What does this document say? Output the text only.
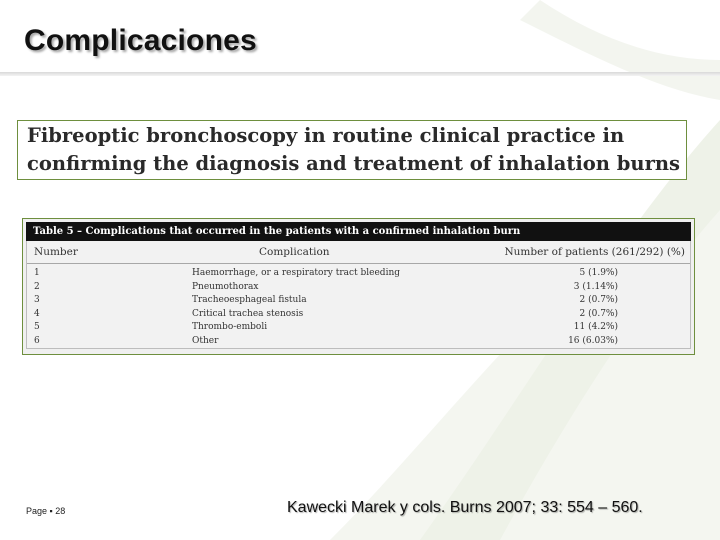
Complicaciones
Fibreoptic bronchoscopy in routine clinical practice in
confirming the diagnosis and treatment of inhalation burns
Table 5 – Complications that occurred in the patients with a confirmed inhalation burn
Number	Complication	Number of patients (261/292) (%)
1	Haemorrhage, or a respiratory tract bleeding	5 (1.9%)
2	Pneumothorax	3 (1.14%)
3	Tracheoesphageal fistula	2 (0.7%)
4	Critical trachea stenosis	2 (0.7%)
5	Thrombo-emboli	11 (4.2%)
6	Other	16 (6.03%)
Page ▪ 28	Kawecki Marek y cols. Burns 2007; 33: 554 – 560.
